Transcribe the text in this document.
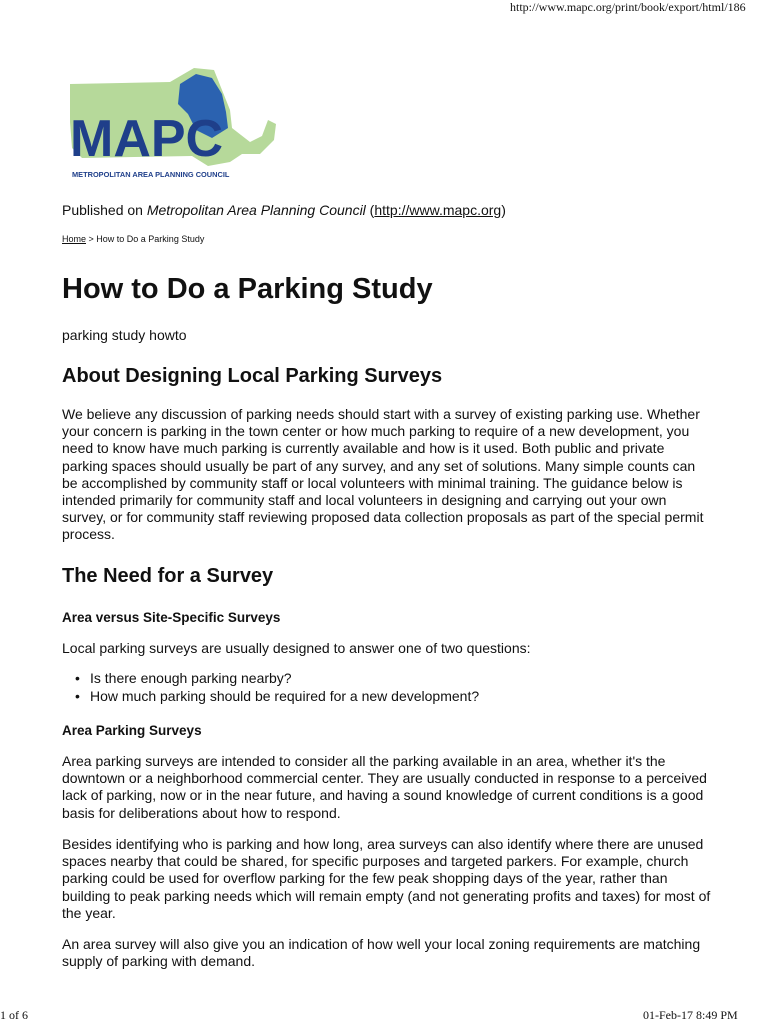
http://www.mapc.org/print/book/export/html/186
MAPC
METROPOLITAN AREA PLANNING COUNCIL
Published on Metropolitan Area Planning Council (http://www.mapc.org)
Home > How to Do a Parking Study
How to Do a Parking Study
parking study howto
About Designing Local Parking Surveys

We believe any discussion of parking needs should start with a survey of existing parking use. Whether your concern is parking in the town center or how much parking to require of a new development, you need to know have much parking is currently available and how is it used. Both public and private parking spaces should usually be part of any survey, and any set of solutions. Many simple counts can be accomplished by community staff or local volunteers with minimal training. The guidance below is intended primarily for community staff and local volunteers in designing and carrying out your own survey, or for community staff reviewing proposed data collection proposals as part of the special permit process.

The Need for a Survey
Area versus Site-Specific Surveys

Local parking surveys are usually designed to answer one of two questions:

• Is there enough parking nearby?
• How much parking should be required for a new development?
Area Parking Surveys

Area parking surveys are intended to consider all the parking available in an area, whether it's the downtown or a neighborhood commercial center. They are usually conducted in response to a perceived lack of parking, now or in the near future, and having a sound knowledge of current conditions is a good basis for deliberations about how to respond.

Besides identifying who is parking and how long, area surveys can also identify where there are unused spaces nearby that could be shared, for specific purposes and targeted parkers. For example, church parking could be used for overflow parking for the few peak shopping days of the year, rather than building to peak parking needs which will remain empty (and not generating profits and taxes) for most of the year.

An area survey will also give you an indication of how well your local zoning requirements are matching supply of parking with demand.

1 of 6	01-Feb-17 8:49 PM
